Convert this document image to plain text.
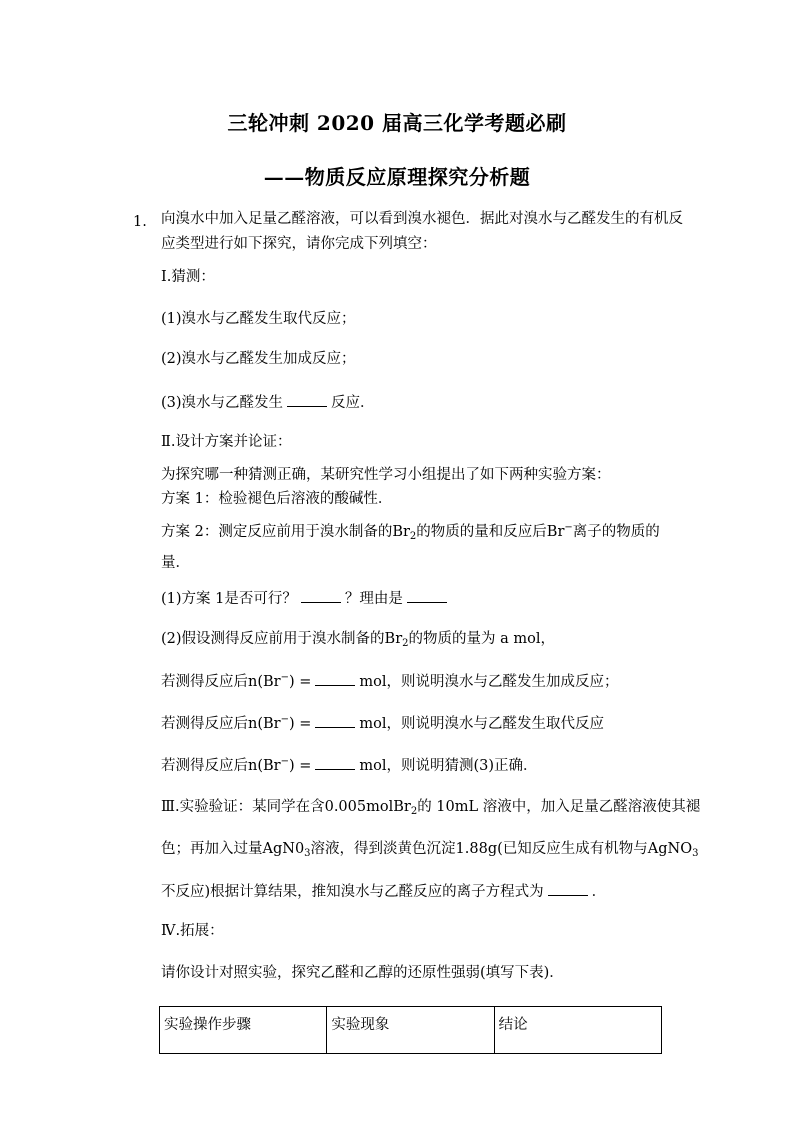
三轮冲刺 2020 届高三化学考题必刷
——物质反应原理探究分析题
1. 向溴水中加入足量乙醛溶液，可以看到溴水褪色．据此对溴水与乙醛发生的有机反
应类型进行如下探究，请你完成下列填空：
Ⅰ.猜测：
(1)溴水与乙醛发生取代反应；
(2)溴水与乙醛发生加成反应；
(3)溴水与乙醛发生	反应．
Ⅱ.设计方案并论证：
为探究哪一种猜测正确，某研究性学习小组提出了如下两种实验方案：
方案 1：检验褪色后溶液的酸碱性．
方案 2：测定反应前用于溴水制备的$Br_2$的物质的量和反应后Br−离子的物质的
量．
(1)方案 1是否可行？	？理由是
(2)假设测得反应前用于溴水制备的$Br_2$的物质的量为 a mol，
若测得反应后n(Br−) =	mol，则说明溴水与乙醛发生加成反应；
若测得反应后n(Br−) =	mol，则说明溴水与乙醛发生取代反应
若测得反应后n(Br−) =	mol，则说明猜测(3)正确．
Ⅲ.实验验证：某同学在含0.005molBr$_2$的 10mL 溶液中，加入足量乙醛溶液使其褪
色；再加入过量$AgN0_3$溶液，得到淡黄色沉淀1.88g(已知反应生成有机物与AgNO$_3$
不反应)根据计算结果，推知溴水与乙醛反应的离子方程式为	．
Ⅳ.拓展：
请你设计对照实验，探究乙醛和乙醇的还原性强弱(填写下表)．
实验操作步骤	实验现象	结论
